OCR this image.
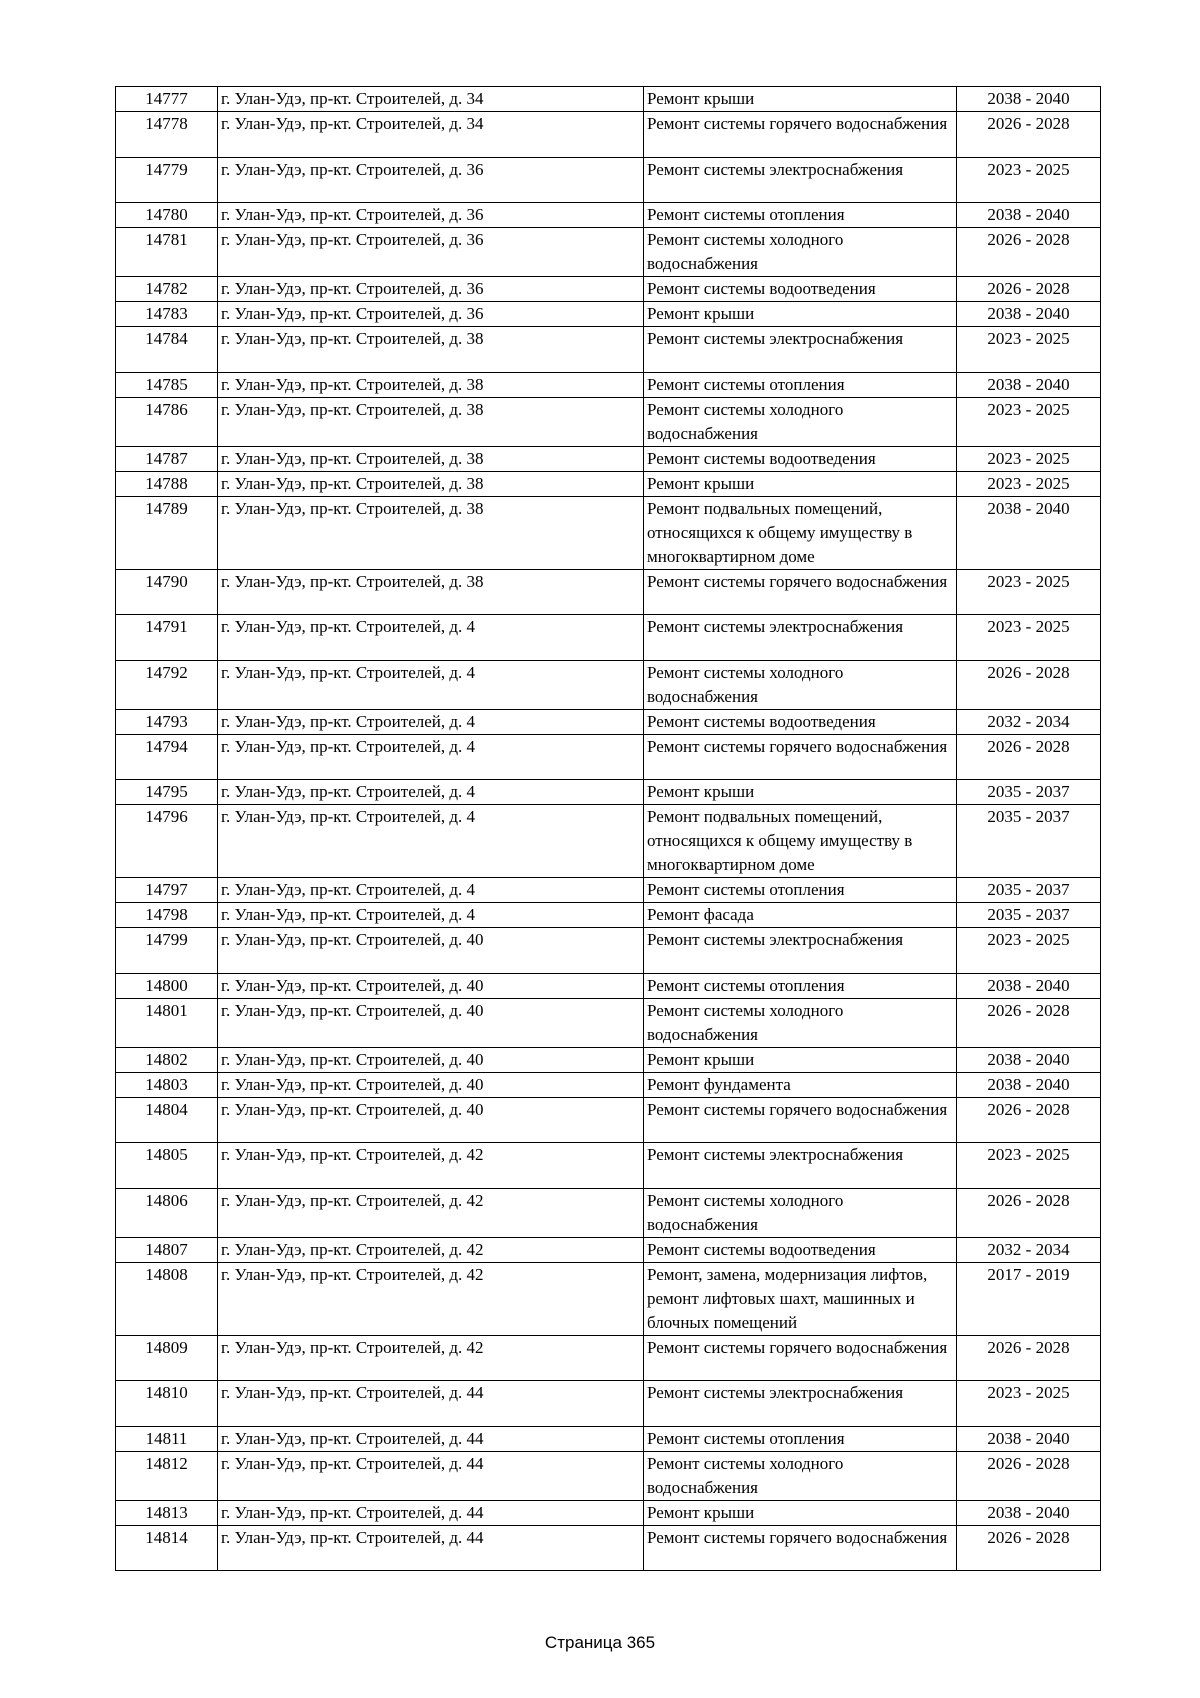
14777	г. Улан-Удэ, пр-кт. Строителей, д. 34	Ремонт крыши	2038 - 2040
14778	г. Улан-Удэ, пр-кт. Строителей, д. 34	Ремонт системы горячего водоснабжения	2026 - 2028
14779	г. Улан-Удэ, пр-кт. Строителей, д. 36	Ремонт системы электроснабжения	2023 - 2025
14780	г. Улан-Удэ, пр-кт. Строителей, д. 36	Ремонт системы отопления	2038 - 2040
14781	г. Улан-Удэ, пр-кт. Строителей, д. 36	Ремонт системы холодного водоснабжения	2026 - 2028
14782	г. Улан-Удэ, пр-кт. Строителей, д. 36	Ремонт системы водоотведения	2026 - 2028
14783	г. Улан-Удэ, пр-кт. Строителей, д. 36	Ремонт крыши	2038 - 2040
14784	г. Улан-Удэ, пр-кт. Строителей, д. 38	Ремонт системы электроснабжения	2023 - 2025
14785	г. Улан-Удэ, пр-кт. Строителей, д. 38	Ремонт системы отопления	2038 - 2040
14786	г. Улан-Удэ, пр-кт. Строителей, д. 38	Ремонт системы холодного водоснабжения	2023 - 2025
14787	г. Улан-Удэ, пр-кт. Строителей, д. 38	Ремонт системы водоотведения	2023 - 2025
14788	г. Улан-Удэ, пр-кт. Строителей, д. 38	Ремонт крыши	2023 - 2025
14789	г. Улан-Удэ, пр-кт. Строителей, д. 38	Ремонт подвальных помещений, относящихся к общему имуществу в многоквартирном доме	2038 - 2040
14790	г. Улан-Удэ, пр-кт. Строителей, д. 38	Ремонт системы горячего водоснабжения	2023 - 2025
14791	г. Улан-Удэ, пр-кт. Строителей, д. 4	Ремонт системы электроснабжения	2023 - 2025
14792	г. Улан-Удэ, пр-кт. Строителей, д. 4	Ремонт системы холодного водоснабжения	2026 - 2028
14793	г. Улан-Удэ, пр-кт. Строителей, д. 4	Ремонт системы водоотведения	2032 - 2034
14794	г. Улан-Удэ, пр-кт. Строителей, д. 4	Ремонт системы горячего водоснабжения	2026 - 2028
14795	г. Улан-Удэ, пр-кт. Строителей, д. 4	Ремонт крыши	2035 - 2037
14796	г. Улан-Удэ, пр-кт. Строителей, д. 4	Ремонт подвальных помещений, относящихся к общему имуществу в многоквартирном доме	2035 - 2037
14797	г. Улан-Удэ, пр-кт. Строителей, д. 4	Ремонт системы отопления	2035 - 2037
14798	г. Улан-Удэ, пр-кт. Строителей, д. 4	Ремонт фасада	2035 - 2037
14799	г. Улан-Удэ, пр-кт. Строителей, д. 40	Ремонт системы электроснабжения	2023 - 2025
14800	г. Улан-Удэ, пр-кт. Строителей, д. 40	Ремонт системы отопления	2038 - 2040
14801	г. Улан-Удэ, пр-кт. Строителей, д. 40	Ремонт системы холодного водоснабжения	2026 - 2028
14802	г. Улан-Удэ, пр-кт. Строителей, д. 40	Ремонт крыши	2038 - 2040
14803	г. Улан-Удэ, пр-кт. Строителей, д. 40	Ремонт фундамента	2038 - 2040
14804	г. Улан-Удэ, пр-кт. Строителей, д. 40	Ремонт системы горячего водоснабжения	2026 - 2028
14805	г. Улан-Удэ, пр-кт. Строителей, д. 42	Ремонт системы электроснабжения	2023 - 2025
14806	г. Улан-Удэ, пр-кт. Строителей, д. 42	Ремонт системы холодного водоснабжения	2026 - 2028
14807	г. Улан-Удэ, пр-кт. Строителей, д. 42	Ремонт системы водоотведения	2032 - 2034
14808	г. Улан-Удэ, пр-кт. Строителей, д. 42	Ремонт, замена, модернизация лифтов, ремонт лифтовых шахт, машинных и блочных помещений	2017 - 2019
14809	г. Улан-Удэ, пр-кт. Строителей, д. 42	Ремонт системы горячего водоснабжения	2026 - 2028
14810	г. Улан-Удэ, пр-кт. Строителей, д. 44	Ремонт системы электроснабжения	2023 - 2025
14811	г. Улан-Удэ, пр-кт. Строителей, д. 44	Ремонт системы отопления	2038 - 2040
14812	г. Улан-Удэ, пр-кт. Строителей, д. 44	Ремонт системы холодного водоснабжения	2026 - 2028
14813	г. Улан-Удэ, пр-кт. Строителей, д. 44	Ремонт крыши	2038 - 2040
14814	г. Улан-Удэ, пр-кт. Строителей, д. 44	Ремонт системы горячего водоснабжения	2026 - 2028
Страница 365
